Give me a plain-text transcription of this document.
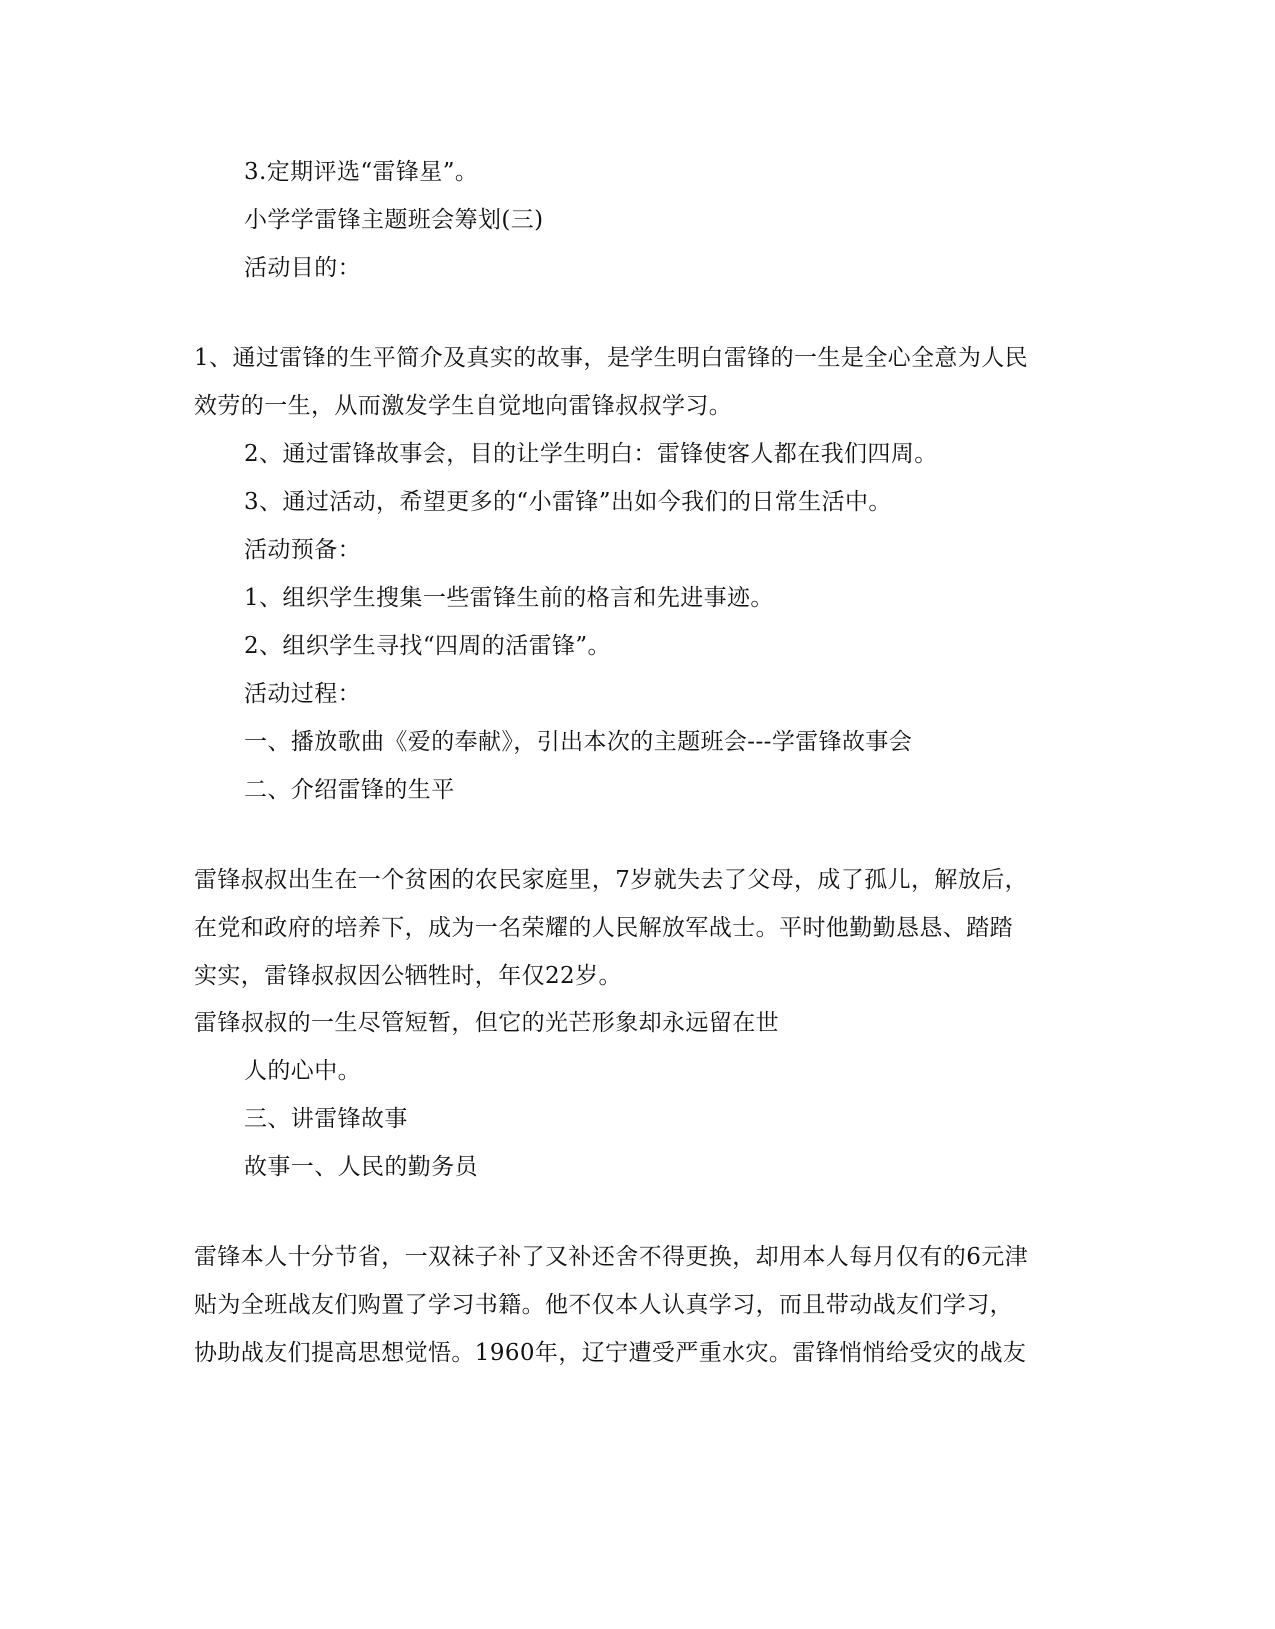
3.定期评选“雷锋星”。
小学学雷锋主题班会筹划(三)
活动目的：
1、通过雷锋的生平简介及真实的故事，是学生明白雷锋的一生是全心全意为人民
效劳的一生，从而激发学生自觉地向雷锋叔叔学习。
2、通过雷锋故事会，目的让学生明白：雷锋使客人都在我们四周。
3、通过活动，希望更多的“小雷锋”出如今我们的日常生活中。
活动预备：
1、组织学生搜集一些雷锋生前的格言和先进事迹。
2、组织学生寻找“四周的活雷锋”。
活动过程：
一、播放歌曲《爱的奉献》，引出本次的主题班会---学雷锋故事会
二、介绍雷锋的生平
雷锋叔叔出生在一个贫困的农民家庭里，7岁就失去了父母，成了孤儿，解放后，
在党和政府的培养下，成为一名荣耀的人民解放军战士。平时他勤勤恳恳、踏踏
实实，雷锋叔叔因公牺牲时，年仅22岁。
雷锋叔叔的一生尽管短暂，但它的光芒形象却永远留在世
人的心中。
三、讲雷锋故事
故事一、人民的勤务员
雷锋本人十分节省，一双袜子补了又补还舍不得更换，却用本人每月仅有的6元津
贴为全班战友们购置了学习书籍。他不仅本人认真学习，而且带动战友们学习，
协助战友们提高思想觉悟。1960年，辽宁遭受严重水灾。雷锋悄悄给受灾的战友
